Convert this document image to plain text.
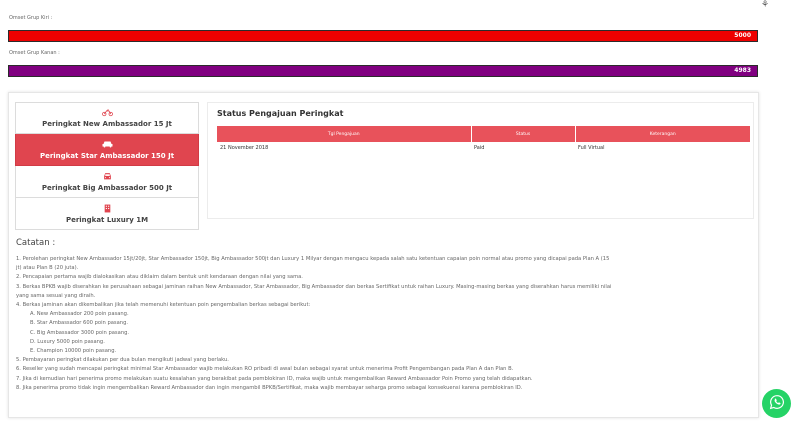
⚘
Omset Grup Kiri :
5000
Omset Grup Kanan :
4983
Peringkat New Ambassador 15 Jt
Peringkat Star Ambassador 150 Jt
Peringkat Big Ambassador 500 Jt
Peringkat Luxury 1M
Status Pengajuan Peringkat
Tgl Pengajuan	Status	Keterangan
21 November 2018	Paid	Full Virtual
Catatan :
1. Perolehan peringkat New Ambassador 15jt/20jt, Star Ambassador 150jt, Big Ambassador 500jt dan Luxury 1 Milyar dengan mengacu kepada salah satu ketentuan capaian poin normal atau promo yang dicapai pada Plan A (15
jt) atau Plan B (20 juta).
2. Pencapaian pertama wajib dialokasikan atau diklaim dalam bentuk unit kendaraan dengan nilai yang sama.
3. Berkas BPKB wajib diserahkan ke perusahaan sebagai jaminan raihan New Ambassador, Star Ambassador, Big Ambassador dan berkas Sertifikat untuk raihan Luxury. Masing-masing berkas yang diserahkan harus memiliki nilai
yang sama sesuai yang diraih.
4. Berkas jaminan akan dikembalikan jika telah memenuhi ketentuan poin pengembalian berkas sebagai berikut:
A. New Ambassador 200 poin pasang.
B. Star Ambassador 600 poin pasang.
C. Big Ambassador 3000 poin pasang.
D. Luxury 5000 poin pasang.
E. Champion 10000 poin pasang.
5. Pembayaran peringkat dilakukan per dua bulan mengikuti jadwal yang berlaku.
6. Reseller yang sudah mencapai peringkat minimal Star Ambassador wajib melakukan RO pribadi di awal bulan sebagai syarat untuk menerima Profit Pengembangan pada Plan A dan Plan B.
7. Jika di kemudian hari penerima promo melakukan suatu kesalahan yang berakibat pada pemblokiran ID, maka wajib untuk mengembalikan Reward Ambassador Poin Promo yang telah didapatkan.
8. Jika penerima promo tidak ingin mengembalikan Reward Ambassador dan ingin mengambil BPKB/Sertifikat, maka wajib membayar seharga promo sebagai konsekuensi karena pemblokiran ID.
